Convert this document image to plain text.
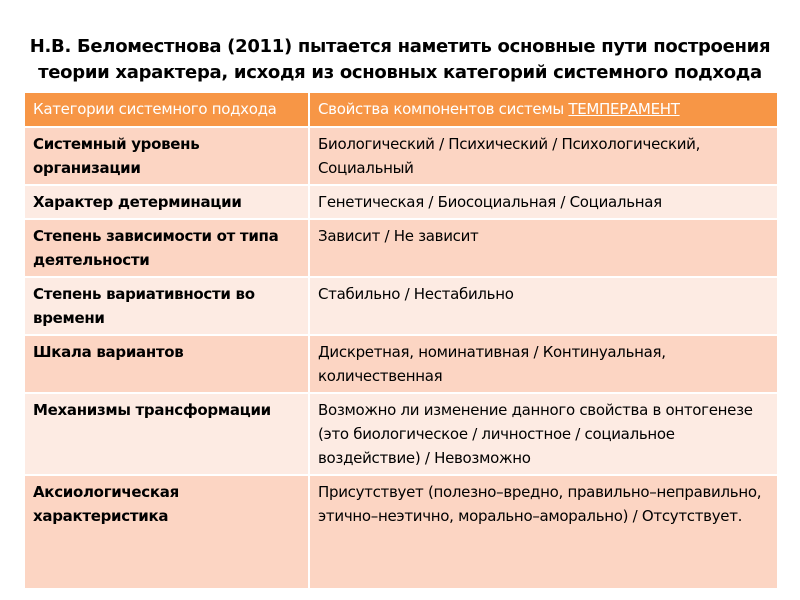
Н.В. Беломестнова (2011) пытается наметить основные пути построения
теории характера, исходя из основных категорий системного подхода
Категории системного подхода	Свойства компонентов системы ТЕМПЕРАМЕНТ
Системный уровень организации	Биологический / Психический / Психологический, Социальный
Характер детерминации	Генетическая / Биосоциальная / Социальная
Степень зависимости от типа деятельности	Зависит / Не зависит
Степень вариативности во времени	Стабильно / Нестабильно
Шкала вариантов	Дискретная, номинативная / Континуальная, количественная
Механизмы трансформации	Возможно ли изменение данного свойства в онтогенезе (это биологическое / личностное / социальное воздействие) / Невозможно
Аксиологическая характеристика	Присутствует (полезно–вредно, правильно–неправильно, этично–неэтично, морально–аморально) / Отсутствует.
